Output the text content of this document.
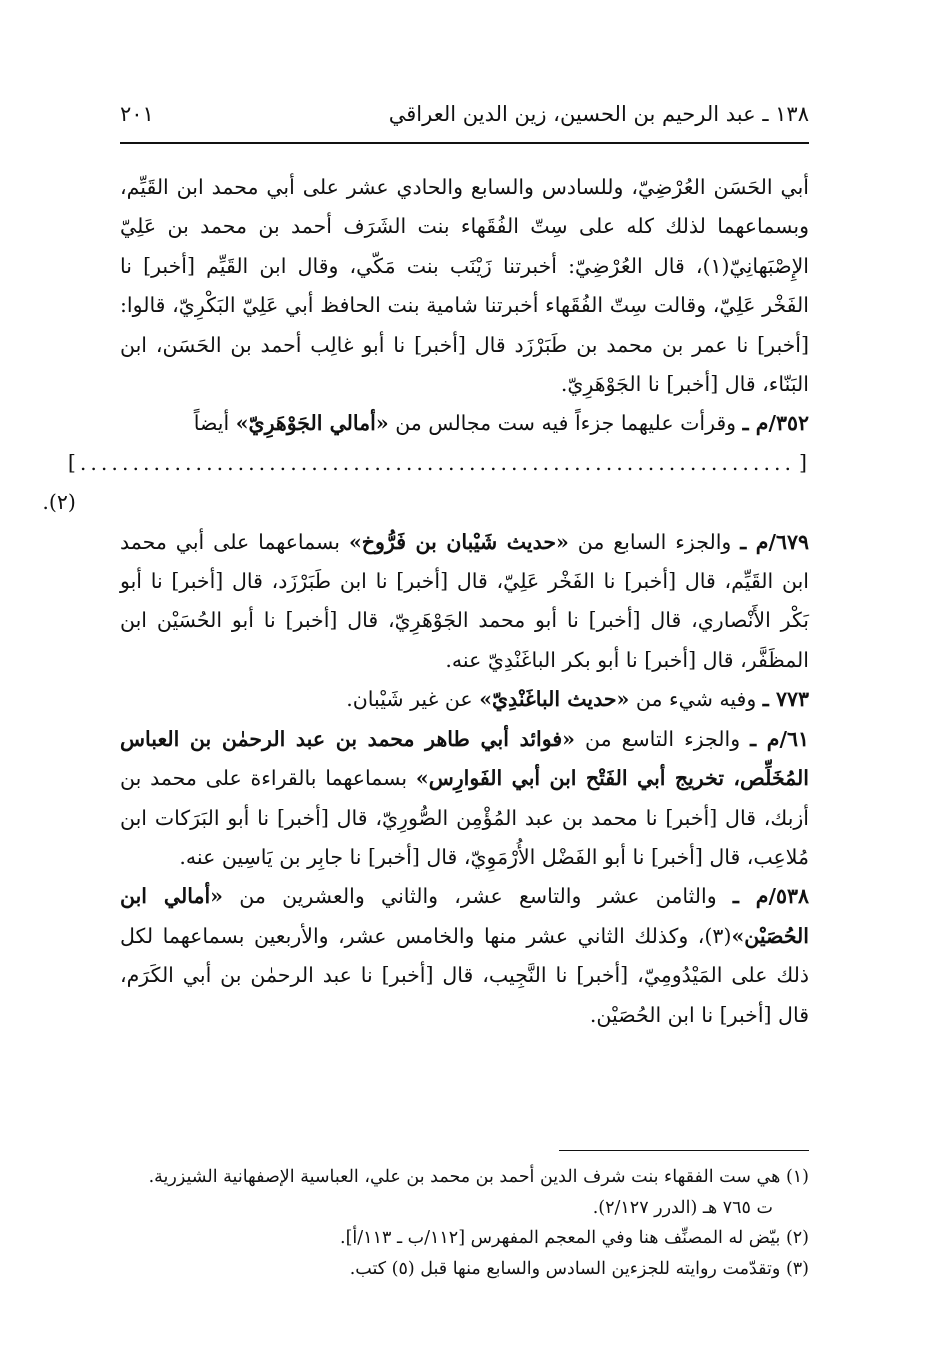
١٣٨ ـ عبد الرحيم بن الحسين، زين الدين العراقي
٢٠١

أبي الحَسَن العُرْضِيّ، وللسادس والسابع والحادي عشر على أبي محمد ابن القَيِّم، وبسماعهما لذلك كله على سِتّ الفُقَهاء بنت الشَرَف أحمد بن محمد بن عَلِيّ الإِصْبَهانِيّ(١)، قال العُرْضِيّ: أخبرتنا زَيْنَب بنت مَكّي، وقال ابن القَيِّم [أخبر] نا الفَخْر عَلِيّ، وقالت سِتّ الفُقَهاء أخبرتنا شامية بنت الحافظ أبي عَلِيّ البَكْرِيّ، قالوا: [أخبر] نا عمر بن محمد بن طَبَرْزَد قال [أخبر] نا أبو غالِب أحمد بن الحَسَن، ابن البَنّاء، قال [أخبر] نا الجَوْهَرِيّ.

٣٥٢/م ـ وقرأت عليهما جزءاً فيه ست مجالس من «أمالي الجَوْهَرِيّ» أيضاً

[
....................................................................
](٢).

٦٧٩/م ـ والجزء السابع من «حديث شَيْبان بن فَرُّوخ» بسماعهما على أبي محمد ابن القَيِّم، قال [أخبر] نا الفَخْر عَلِيّ، قال [أخبر] نا ابن طَبَرْزَد، قال [أخبر] نا أبو بَكْر الأَنْصاري، قال [أخبر] نا أبو محمد الجَوْهَرِيّ، قال [أخبر] نا أبو الحُسَيْن ابن المظَفَّر، قال [أخبر] نا أبو بكر الباغَنْدِيّ عنه.

٧٧٣ ـ وفيه شيء من «حديث الباغَنْدِيّ» عن غير شَيْبان.

٦١/م ـ والجزء التاسع من «فوائد أبي طاهر محمد بن عبد الرحمٰن بن العباس المُخَلِّص، تخريج أبي الفَتْح ابن أبي الفَوارِس» بسماعهما بالقراءة على محمد بن أزبك، قال [أخبر] نا محمد بن عبد المُؤْمِن الصُّورِيّ، قال [أخبر] نا أبو البَرَكات ابن مُلاعِب، قال [أخبر] نا أبو الفَضْل الأُرْمَوِيّ، قال [أخبر] نا جابِر بن يَاسِين عنه.

٥٣٨/م ـ والثامن عشر والتاسع عشر، والثاني والعشرين من «أمالي ابن الحُصَيْن»(٣)، وكذلك الثاني عشر منها والخامس عشر، والأربعين بسماعهما لكل ذلك على المَيْدُومِيّ، [أخبر] نا النَّجِيب، قال [أخبر] نا عبد الرحمٰن بن أبي الكَرَم، قال [أخبر] نا ابن الحُصَيْن.

(١) هي ست الفقهاء بنت شرف الدين أحمد بن محمد بن علي، العباسية الإصفهانية الشيزرية.

ت ٧٦٥ هـ (الدرر ٢/١٢٧).

(٢) بيّض له المصنِّف هنا وفي المعجم المفهرس [١١٢/ب ـ ١١٣/أ].

(٣) وتقدّمت روايته للجزءين السادس والسابع منها قبل (٥) كتب.
